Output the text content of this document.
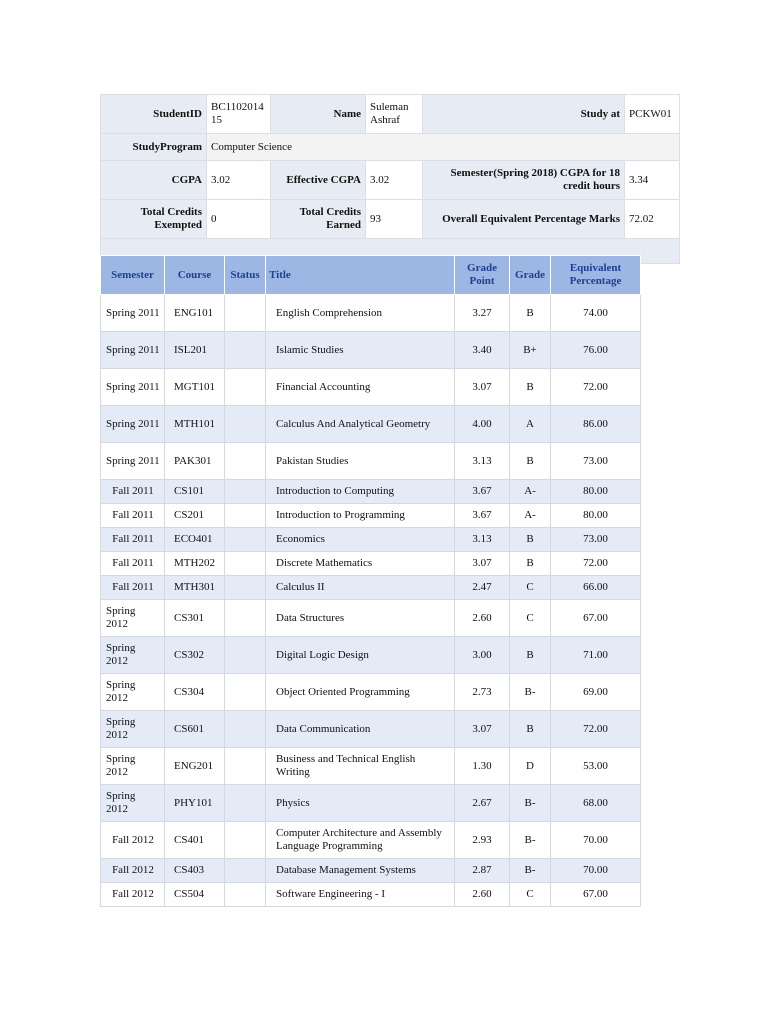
StudentID	BC110201415	Name	Suleman Ashraf	Study at	PCKW01
StudyProgram	Computer Science				
CGPA	3.02	Effective CGPA	3.02	Semester(Spring 2018) CGPA for 18 credit hours	3.34
Total Credits Exempted	0	Total Credits Earned	93	Overall Equivalent Percentage Marks	72.02

Semester	Course	Status	Title	Grade Point	Grade	Equivalent Percentage
Spring 2011	ENG101		English Comprehension	3.27	B	74.00
Spring 2011	ISL201		Islamic Studies	3.40	B+	76.00
Spring 2011	MGT101		Financial Accounting	3.07	B	72.00
Spring 2011	MTH101		Calculus And Analytical Geometry	4.00	A	86.00
Spring 2011	PAK301		Pakistan Studies	3.13	B	73.00
Fall 2011	CS101		Introduction to Computing	3.67	A-	80.00
Fall 2011	CS201		Introduction to Programming	3.67	A-	80.00
Fall 2011	ECO401		Economics	3.13	B	73.00
Fall 2011	MTH202		Discrete Mathematics	3.07	B	72.00
Fall 2011	MTH301		Calculus II	2.47	C	66.00
Spring 2012	CS301		Data Structures	2.60	C	67.00
Spring 2012	CS302		Digital Logic Design	3.00	B	71.00
Spring 2012	CS304		Object Oriented Programming	2.73	B-	69.00
Spring 2012	CS601		Data Communication	3.07	B	72.00
Spring 2012	ENG201		Business and Technical English Writing	1.30	D	53.00
Spring 2012	PHY101		Physics	2.67	B-	68.00
Fall 2012	CS401		Computer Architecture and Assembly Language Programming	2.93	B-	70.00
Fall 2012	CS403		Database Management Systems	2.87	B-	70.00
Fall 2012	CS504		Software Engineering - I	2.60	C	67.00
